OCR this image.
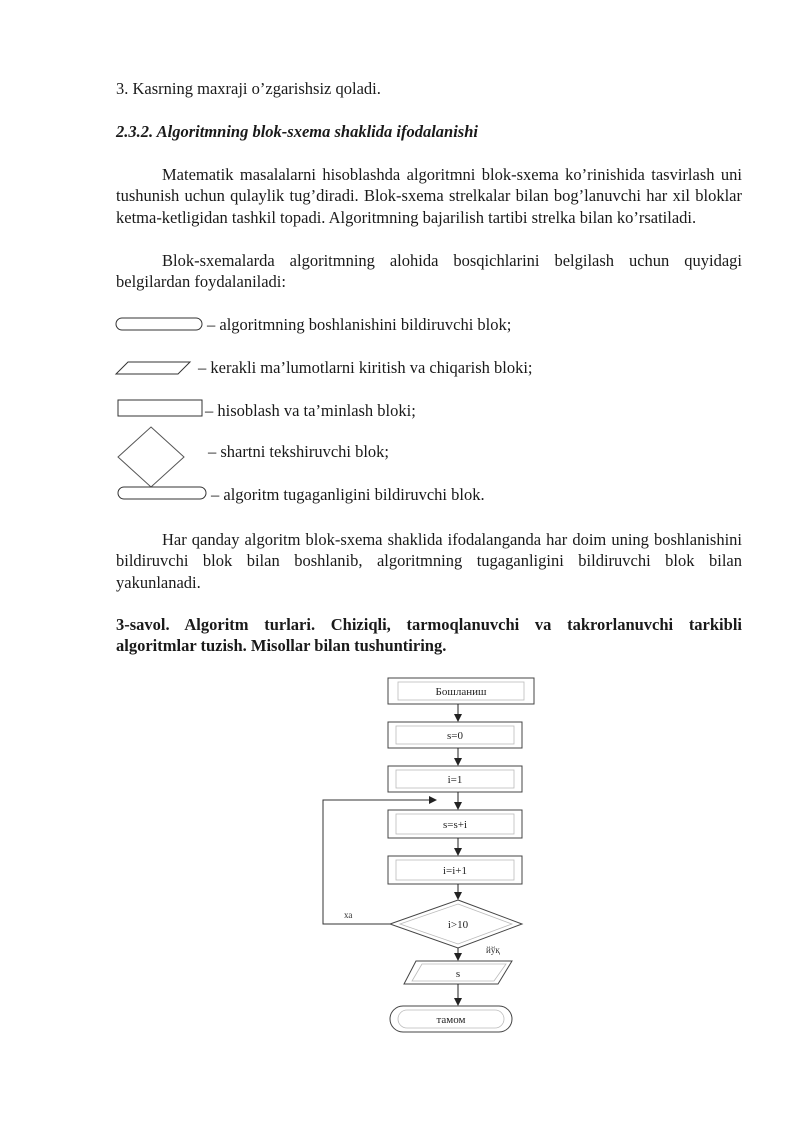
3. Kasrning maxraji o’zgarishsiz qoladi.
2.3.2. Algoritmning blok-sxema shaklida ifodalanishi

Matematik masalalarni hisoblashda algoritmni blok-sxema ko’rinishida tasvirlash uni tushunish uchun qulaylik tug’diradi. Blok-sxema strelkalar bilan bog’lanuvchi har xil bloklar ketma-ketligidan tashkil topadi. Algoritmning bajarilish tartibi strelka bilan ko’rsatiladi.

Blok-sxemalarda algoritmning alohida bosqichlarini belgilash uchun quyidagi belgilardan foydalaniladi:

– algoritmning boshlanishini bildiruvchi blok;
– kerakli ma’lumotlarni kiritish va chiqarish bloki;
– hisoblash va ta’minlash bloki;
– shartni tekshiruvchi blok;
– algoritm tugaganligini bildiruvchi blok.

Har qanday algoritm blok-sxema shaklida ifodalanganda har doim uning boshlanishini bildiruvchi blok bilan boshlanib, algoritmning tugaganligini bildiruvchi blok bilan yakunlanadi.

3-savol. Algoritm turlari. Chiziqli, tarmoqlanuvchi va takrorlanuvchi tarkibli algoritmlar tuzish. Misollar bilan tushuntiring.

Бошланиш
s=0
i=1
s=s+i
i=i+1
i>10
ха
йўқ
s
тамом
